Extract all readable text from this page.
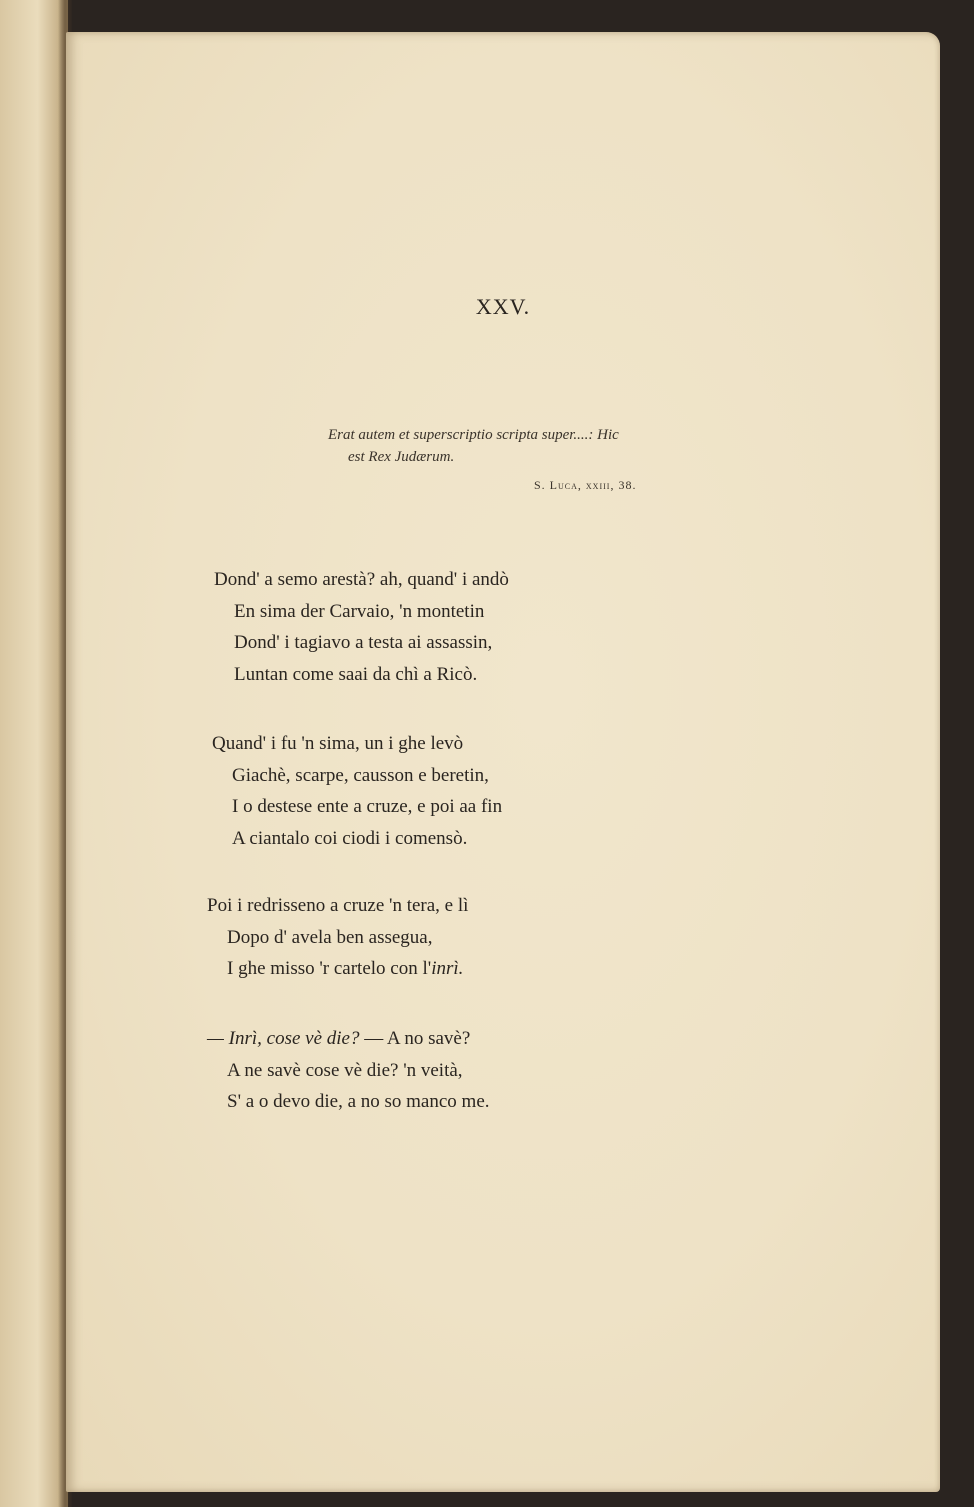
XXV.
Erat autem et superscriptio scripta super....: Hic
est Rex Judærum.
S. Luca, xxiii, 38.
Dond' a semo arestà? ah, quand' i andò
En sima der Carvaio, 'n montetin
Dond' i tagiavo a testa ai assassin,
Luntan come saai da chì a Ricò.
Quand' i fu 'n sima, un i ghe levò
Giachè, scarpe, causson e beretin,
I o destese ente a cruze, e poi aa fin
A ciantalo coi ciodi i comensò.
Poi i redrisseno a cruze 'n tera, e lì
Dopo d' avela ben assegua,
I ghe misso 'r cartelo con l'inrì.
— Inrì, cose vè die? — A no savè?
A ne savè cose vè die? 'n veità,
S' a o devo die, a no so manco me.
